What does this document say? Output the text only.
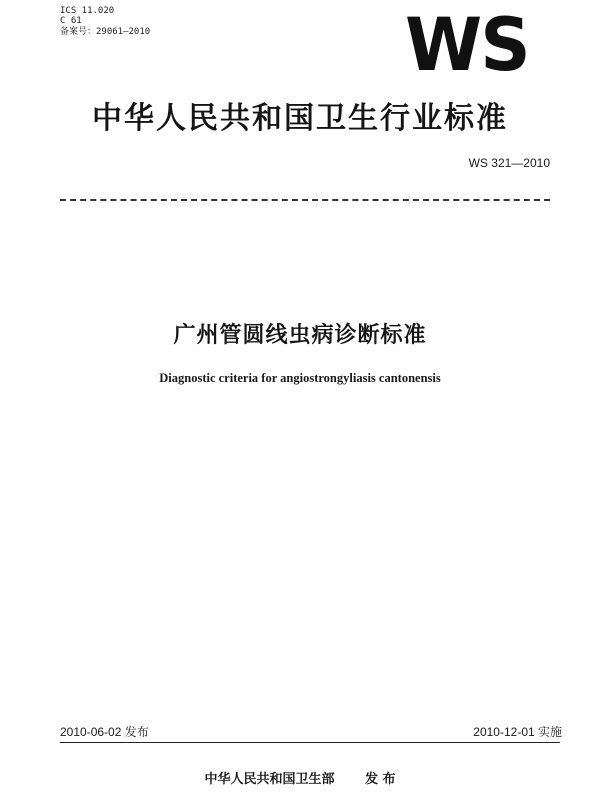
ICS 11.020
C 61
备案号：29061—2010	WS
中华人民共和国卫生行业标准
WS 321—2010
广州管圆线虫病诊断标准
Diagnostic criteria for angiostrongyliasis cantonensis
2010-06-02 发布	2010-12-01 实施
中华人民共和国卫生部 发 布
